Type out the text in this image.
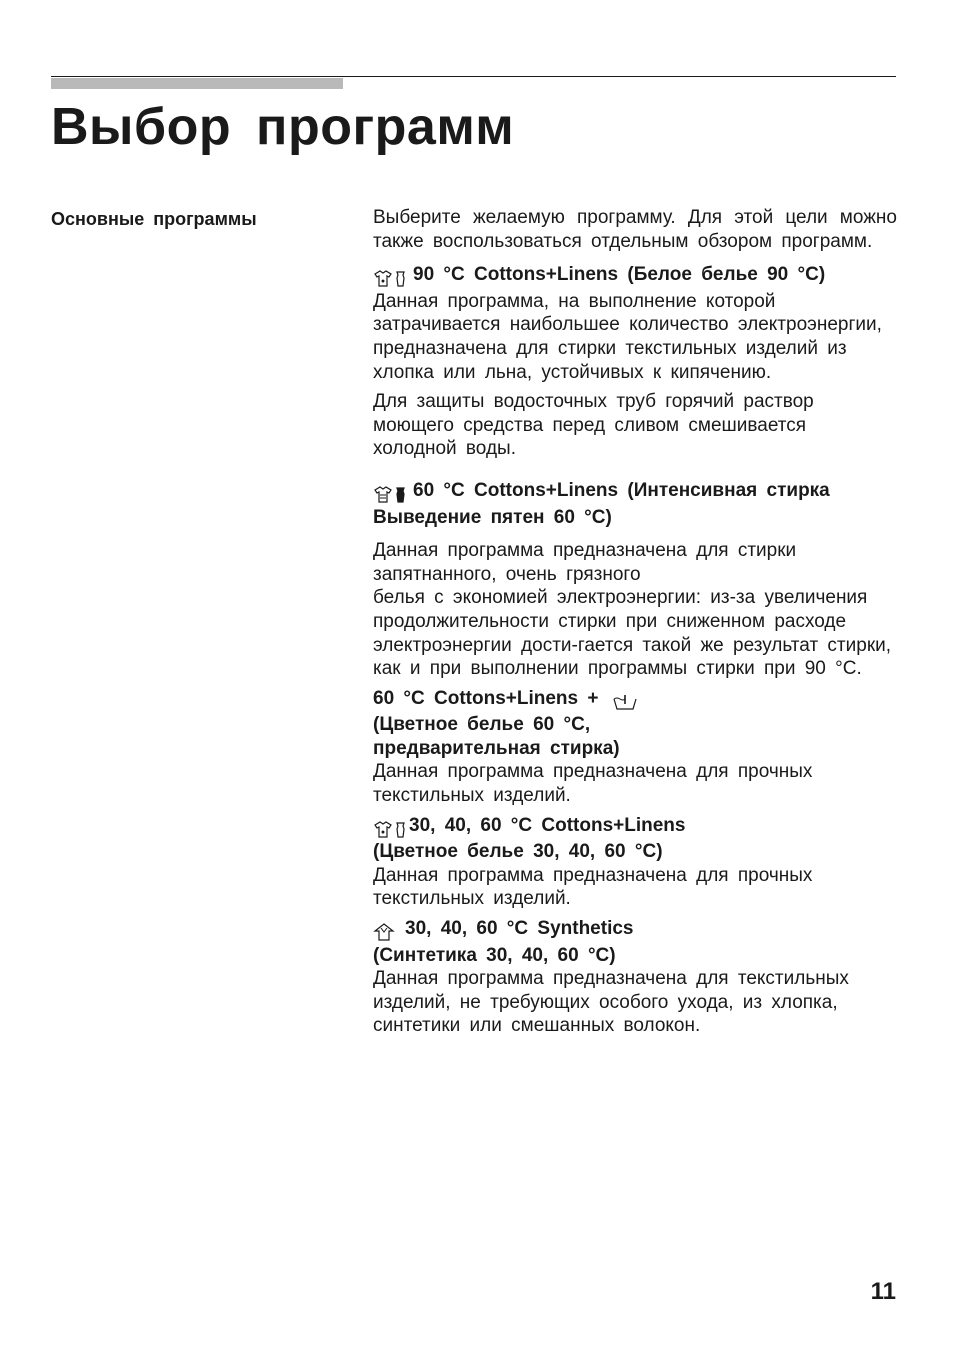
Выбор программ

Основные программы	Выберите желаемую программу. Для этой цели можно также воспользоваться отдельным обзором программ.

● 90 °C Cottons+Linens (Белое белье 90 °C)

Данная программа, на выполнение которой затрачивается наибольшее количество электроэнергии, предназначена для стирки текстильных изделий из хлопка или льна, устойчивых к кипячению.

Для защиты водосточных труб горячий раствор моющего средства перед сливом смешивается холодной воды.

60 °C Cottons+Linens (Интенсивная стирка
Выведение пятен 60 °C)

Данная программа предназначена для стирки запятнанного, очень грязного
белья с экономией электроэнергии: из-за увеличения продолжительности стирки при сниженном расходе электроэнергии дости-гается такой же результат стирки, как и при выполнении программы стирки при 90 °C.

60 °C Cottons+Linens +
(Цветное белье 60 °C,
предварительная стирка)

Данная программа предназначена для прочных текстильных изделий.

● 30, 40, 60 °C Cottons+Linens
(Цветное белье 30, 40, 60 °C)

Данная программа предназначена для прочных текстильных изделий.

30, 40, 60 °C Synthetics
(Синтетика 30, 40, 60 °C)

Данная программа предназначена для текстильных изделий, не требующих особого ухода, из хлопка, синтетики или смешанных волокон.

11
